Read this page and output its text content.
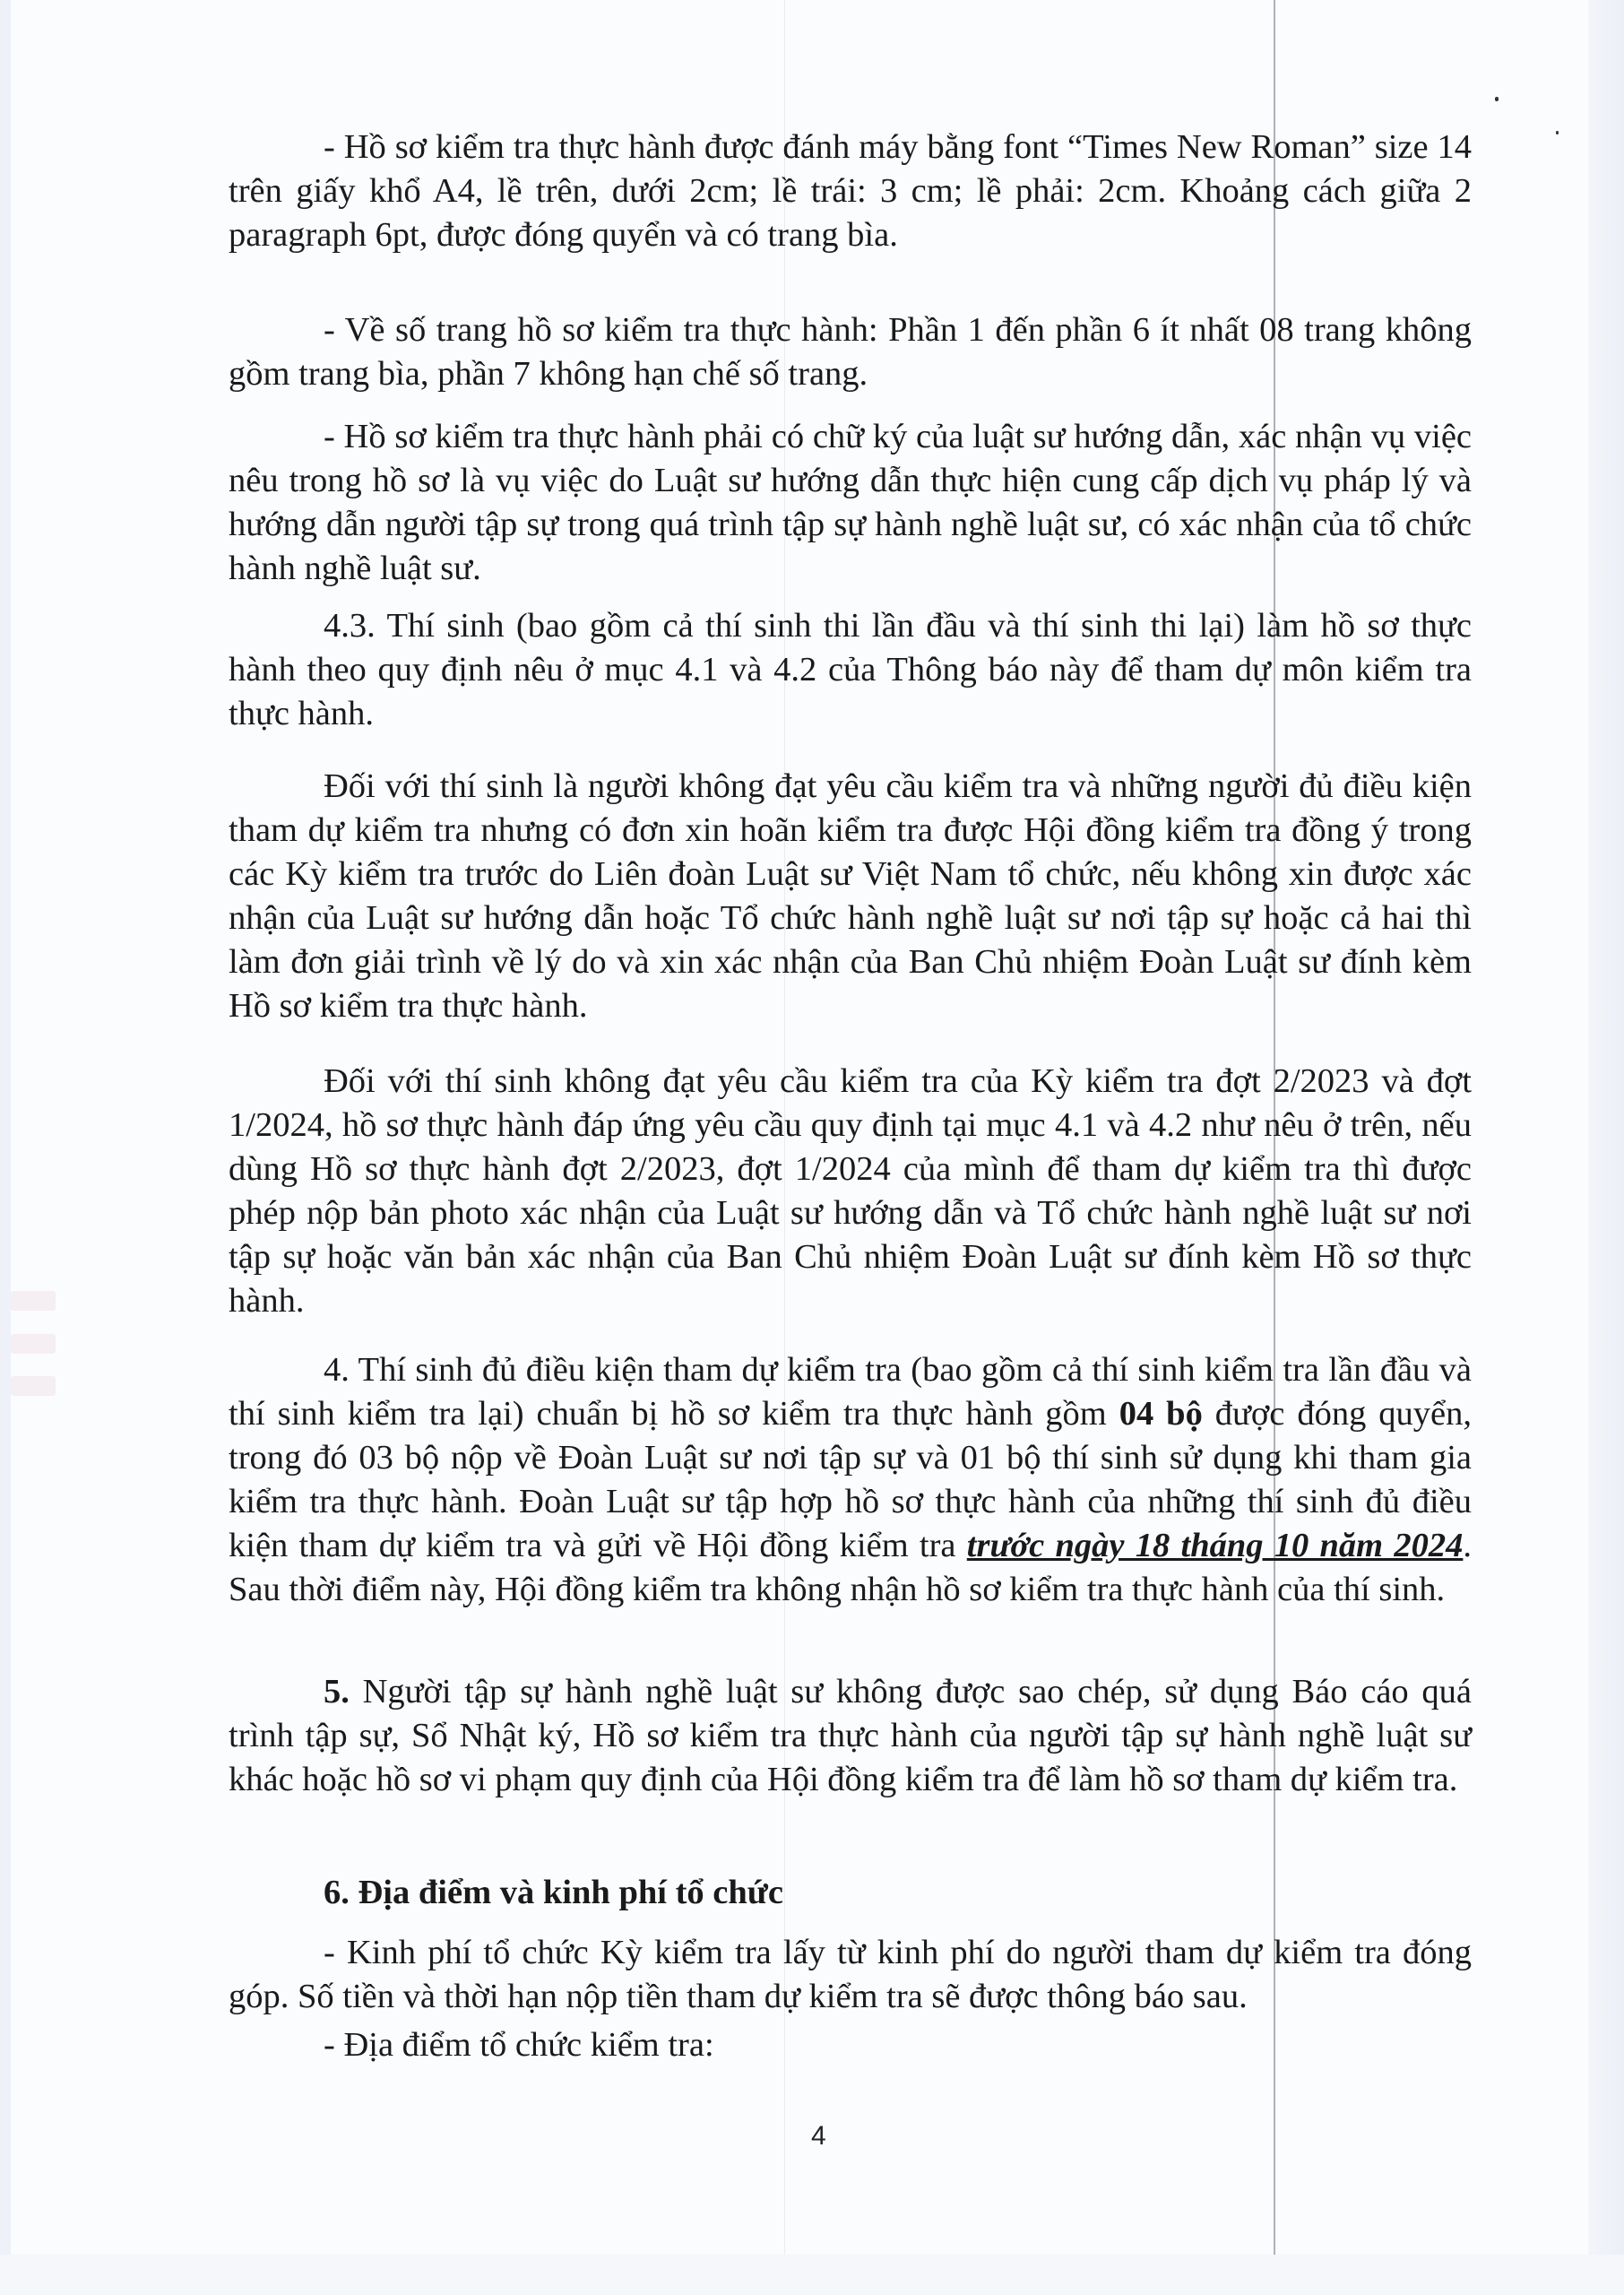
- Hồ sơ kiểm tra thực hành được đánh máy bằng font “Times New Roman” size 14 trên giấy khổ A4, lề trên, dưới 2cm; lề trái: 3 cm; lề phải: 2cm. Khoảng cách giữa 2 paragraph 6pt, được đóng quyển và có trang bìa.

- Về số trang hồ sơ kiểm tra thực hành: Phần 1 đến phần 6 ít nhất 08 trang không gồm trang bìa, phần 7 không hạn chế số trang.

- Hồ sơ kiểm tra thực hành phải có chữ ký của luật sư hướng dẫn, xác nhận vụ việc nêu trong hồ sơ là vụ việc do Luật sư hướng dẫn thực hiện cung cấp dịch vụ pháp lý và hướng dẫn người tập sự trong quá trình tập sự hành nghề luật sư, có xác nhận của tổ chức hành nghề luật sư.

4.3. Thí sinh (bao gồm cả thí sinh thi lần đầu và thí sinh thi lại) làm hồ sơ thực hành theo quy định nêu ở mục 4.1 và 4.2 của Thông báo này để tham dự môn kiểm tra thực hành.

Đối với thí sinh là người không đạt yêu cầu kiểm tra và những người đủ điều kiện tham dự kiểm tra nhưng có đơn xin hoãn kiểm tra được Hội đồng kiểm tra đồng ý trong các Kỳ kiểm tra trước do Liên đoàn Luật sư Việt Nam tổ chức, nếu không xin được xác nhận của Luật sư hướng dẫn hoặc Tổ chức hành nghề luật sư nơi tập sự hoặc cả hai thì làm đơn giải trình về lý do và xin xác nhận của Ban Chủ nhiệm Đoàn Luật sư đính kèm Hồ sơ kiểm tra thực hành.

Đối với thí sinh không đạt yêu cầu kiểm tra của Kỳ kiểm tra đợt 2/2023 và đợt 1/2024, hồ sơ thực hành đáp ứng yêu cầu quy định tại mục 4.1 và 4.2 như nêu ở trên, nếu dùng Hồ sơ thực hành đợt 2/2023, đợt 1/2024 của mình để tham dự kiểm tra thì được phép nộp bản photo xác nhận của Luật sư hướng dẫn và Tổ chức hành nghề luật sư nơi tập sự hoặc văn bản xác nhận của Ban Chủ nhiệm Đoàn Luật sư đính kèm Hồ sơ thực hành.

4. Thí sinh đủ điều kiện tham dự kiểm tra (bao gồm cả thí sinh kiểm tra lần đầu và thí sinh kiểm tra lại) chuẩn bị hồ sơ kiểm tra thực hành gồm 04 bộ được đóng quyển, trong đó 03 bộ nộp về Đoàn Luật sư nơi tập sự và 01 bộ thí sinh sử dụng khi tham gia kiểm tra thực hành. Đoàn Luật sư tập hợp hồ sơ thực hành của những thí sinh đủ điều kiện tham dự kiểm tra và gửi về Hội đồng kiểm tra trước ngày 18 tháng 10 năm 2024. Sau thời điểm này, Hội đồng kiểm tra không nhận hồ sơ kiểm tra thực hành của thí sinh.

5. Người tập sự hành nghề luật sư không được sao chép, sử dụng Báo cáo quá trình tập sự, Sổ Nhật ký, Hồ sơ kiểm tra thực hành của người tập sự hành nghề luật sư khác hoặc hồ sơ vi phạm quy định của Hội đồng kiểm tra để làm hồ sơ tham dự kiểm tra.

6. Địa điểm và kinh phí tổ chức

- Kinh phí tổ chức Kỳ kiểm tra lấy từ kinh phí do người tham dự kiểm tra đóng góp. Số tiền và thời hạn nộp tiền tham dự kiểm tra sẽ được thông báo sau.

- Địa điểm tổ chức kiểm tra:

4
